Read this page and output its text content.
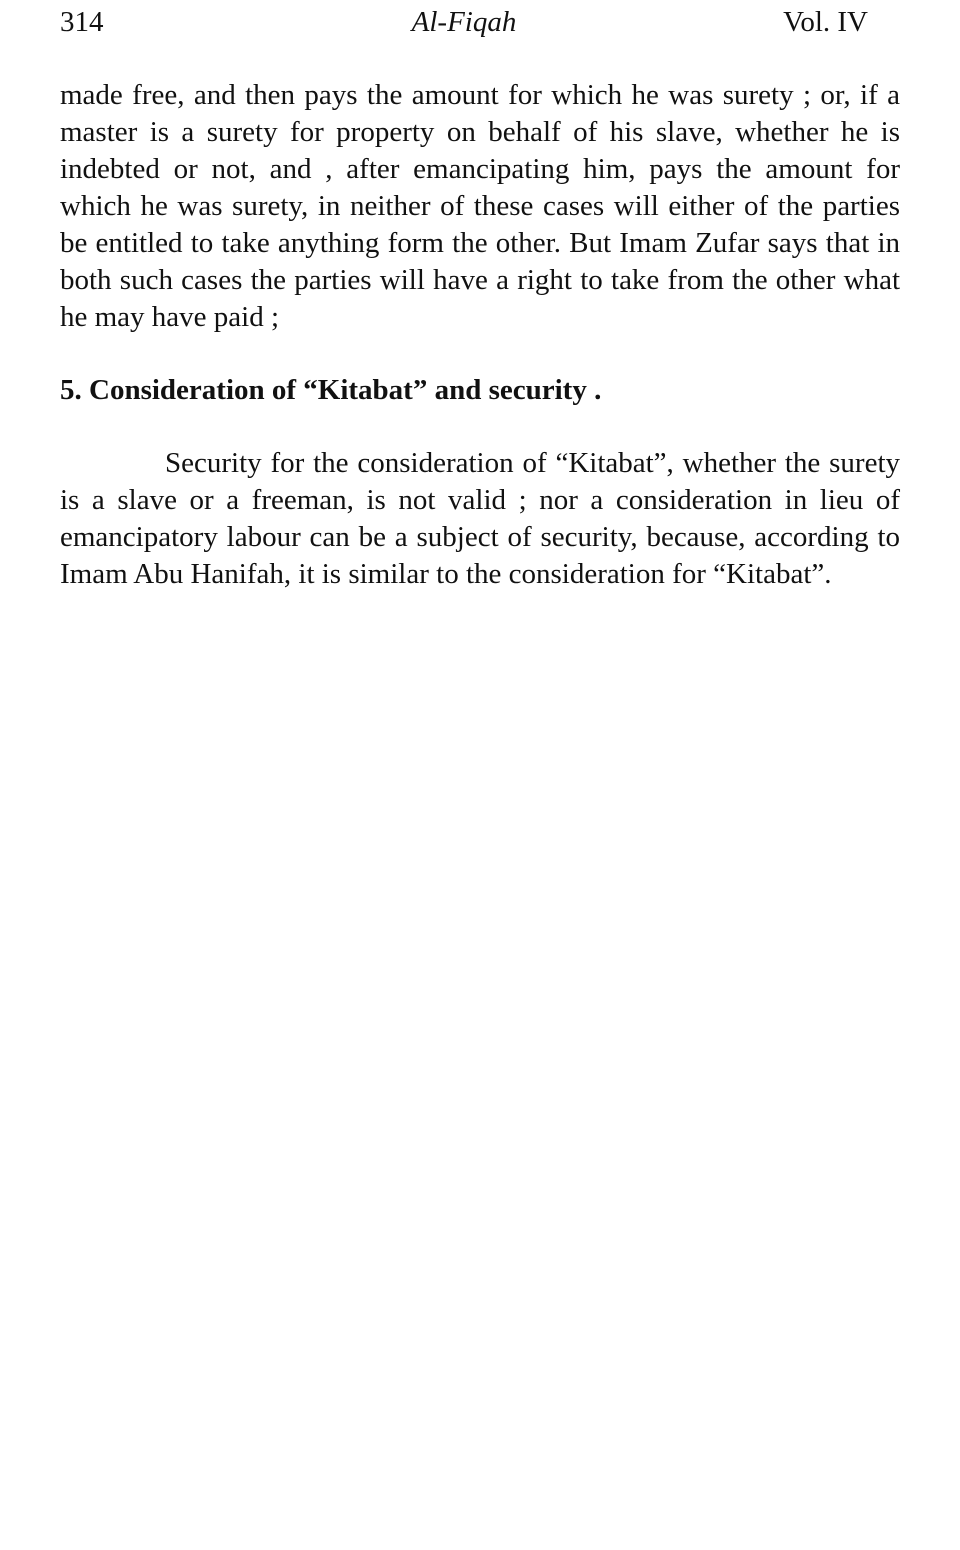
314	Al-Fiqah	Vol. IV

made free, and then pays the amount for which he was surety ; or, if a master is a surety for property on behalf of his slave, whether he is indebted or not, and , after emancipating him, pays the amount for which he was surety, in neither of these cases will either of the parties be entitled to take anything form the other. But Imam Zufar says that in both such cases the parties will have a right to take from the other what he may have paid ;

5. Consideration of “Kitabat” and security .

Security for the consideration of “Kitabat”, whether the surety is a slave or a freeman, is not valid ; nor a consideration in lieu of emancipatory labour can be a subject of security, because, according to Imam Abu Hanifah, it is similar to the consideration for “Kitabat”.
